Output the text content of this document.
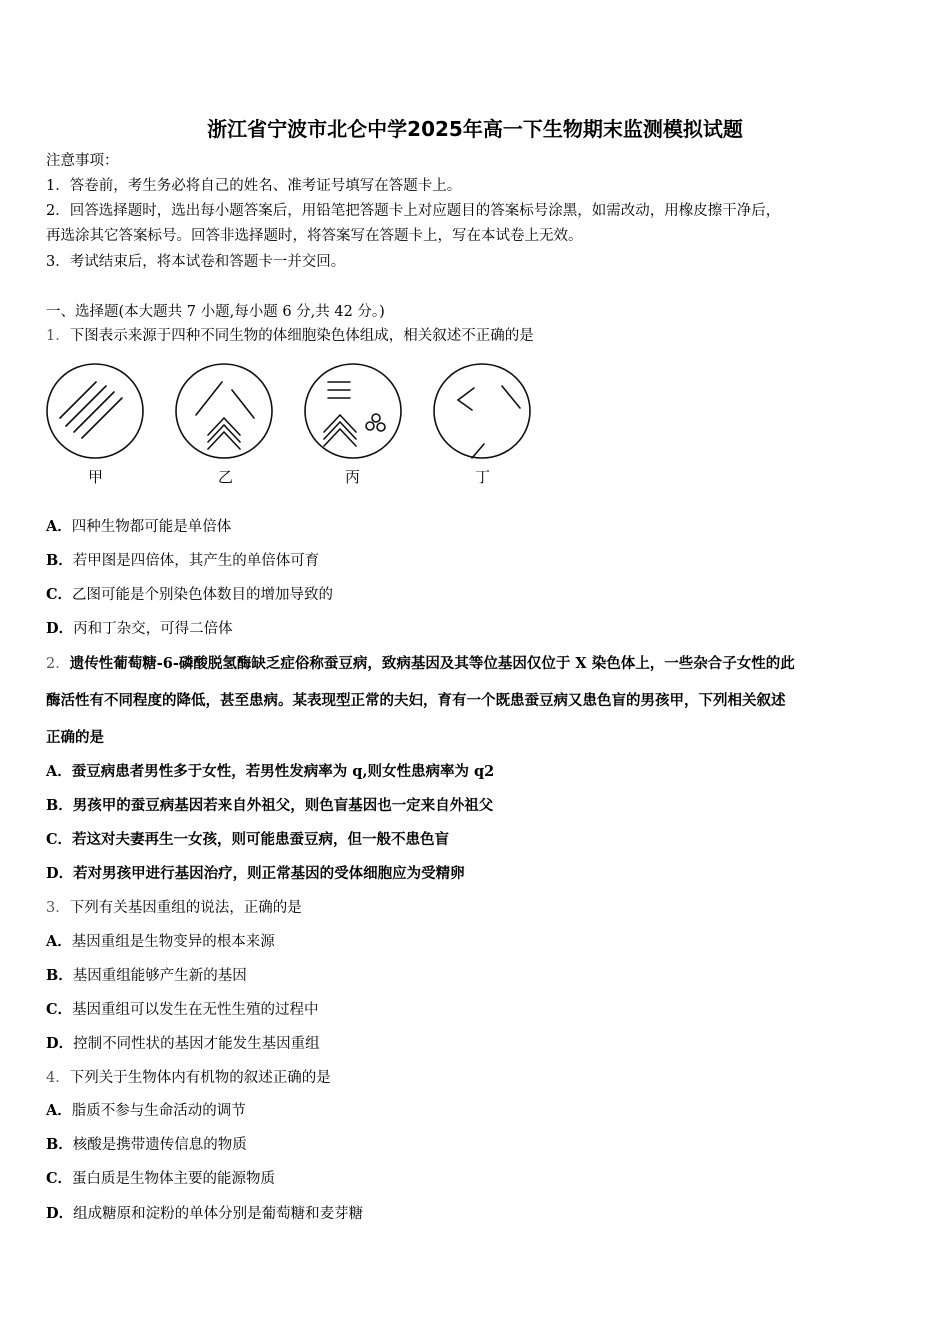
浙江省宁波市北仑中学2025年高一下生物期末监测模拟试题
注意事项：
1．答卷前，考生务必将自己的姓名、准考证号填写在答题卡上。
2．回答选择题时，选出每小题答案后，用铅笔把答题卡上对应题目的答案标号涂黑，如需改动，用橡皮擦干净后，
再选涂其它答案标号。回答非选择题时，将答案写在答题卡上，写在本试卷上无效。
3．考试结束后，将本试卷和答题卡一并交回。
一、选择题(本大题共 7 小题,每小题 6 分,共 42 分。)
1．下图表示来源于四种不同生物的体细胞染色体组成，相关叙述不正确的是
甲	乙	丙	丁
A．四种生物都可能是单倍体
B．若甲图是四倍体，其产生的单倍体可育
C．乙图可能是个别染色体数目的增加导致的
D．丙和丁杂交，可得二倍体
2．遗传性葡萄糖-6-磷酸脱氢酶缺乏症俗称蚕豆病，致病基因及其等位基因仅位于 X 染色体上，一些杂合子女性的此
酶活性有不同程度的降低，甚至患病。某表现型正常的夫妇，育有一个既患蚕豆病又患色盲的男孩甲，下列相关叙述
正确的是
A．蚕豆病患者男性多于女性，若男性发病率为 q,则女性患病率为 q2
B．男孩甲的蚕豆病基因若来自外祖父，则色盲基因也一定来自外祖父
C．若这对夫妻再生一女孩，则可能患蚕豆病，但一般不患色盲
D．若对男孩甲进行基因治疗，则正常基因的受体细胞应为受精卵
3．下列有关基因重组的说法，正确的是
A．基因重组是生物变异的根本来源
B．基因重组能够产生新的基因
C．基因重组可以发生在无性生殖的过程中
D．控制不同性状的基因才能发生基因重组
4．下列关于生物体内有机物的叙述正确的是
A．脂质不参与生命活动的调节
B．核酸是携带遗传信息的物质
C．蛋白质是生物体主要的能源物质
D．组成糖原和淀粉的单体分别是葡萄糖和麦芽糖
